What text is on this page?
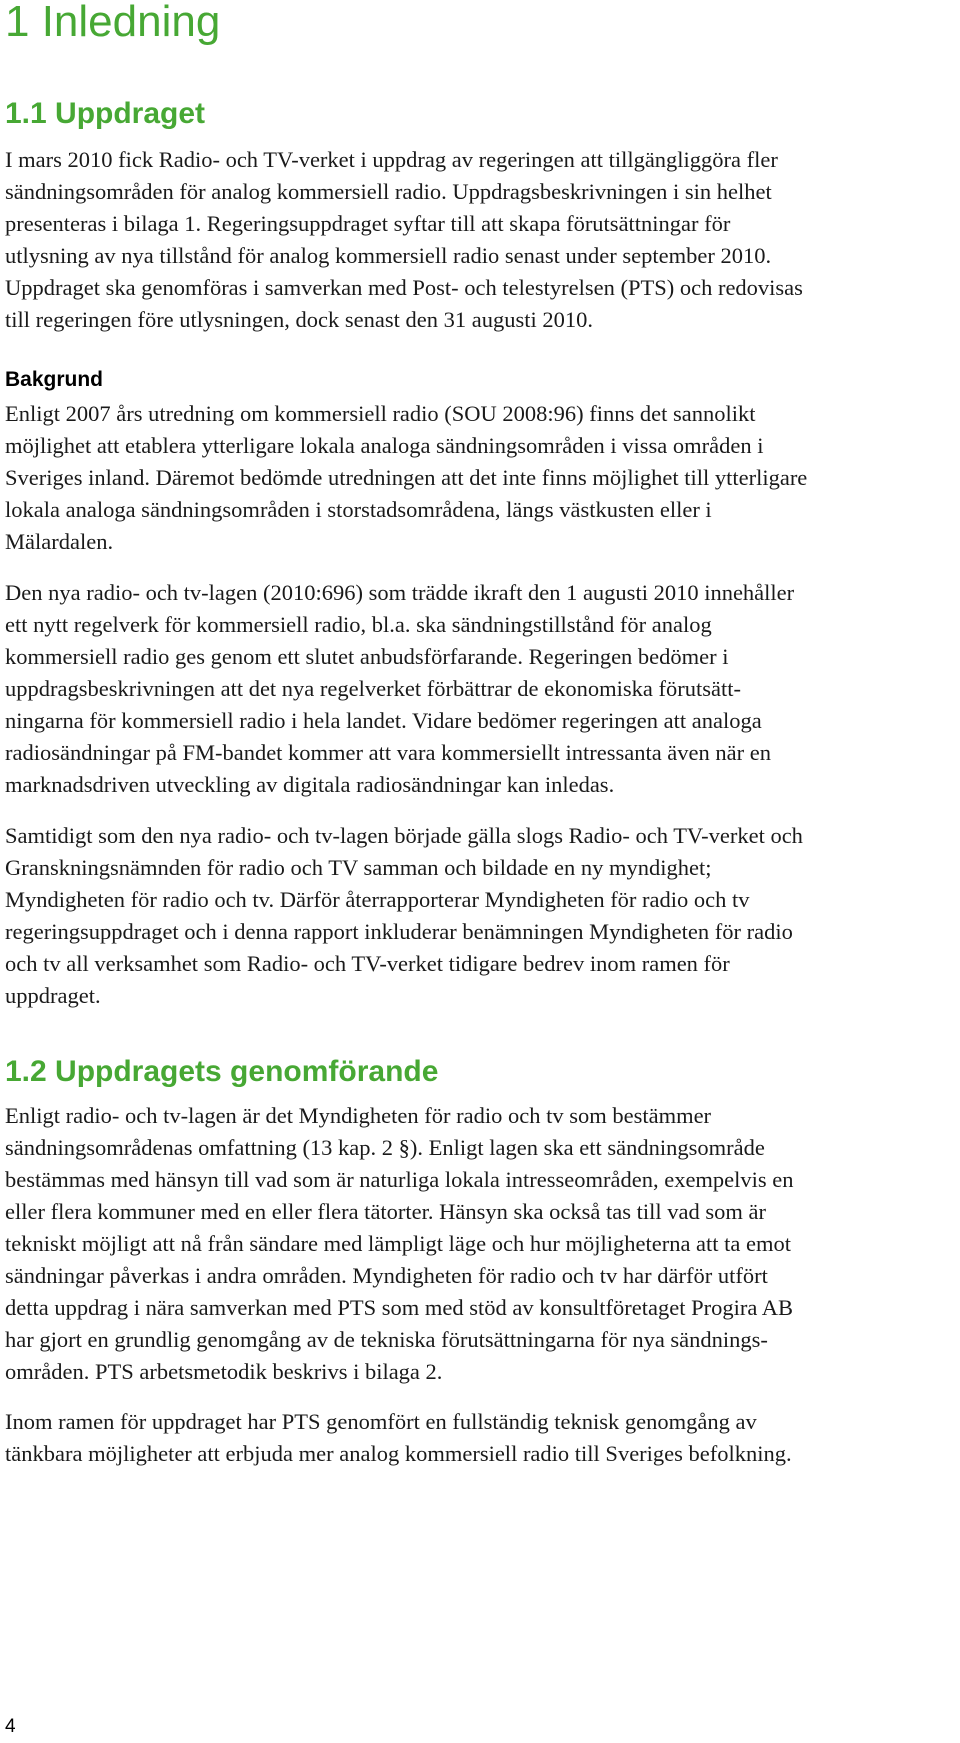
1 Inledning
1.1 Uppdraget
I mars 2010 fick Radio- och TV-verket i uppdrag av regeringen att tillgängliggöra fler
sändningsområden för analog kommersiell radio. Uppdragsbeskrivningen i sin helhet
presenteras i bilaga 1. Regeringsuppdraget syftar till att skapa förutsättningar för
utlysning av nya tillstånd för analog kommersiell radio senast under september 2010.
Uppdraget ska genomföras i samverkan med Post- och telestyrelsen (PTS) och redovisas
till regeringen före utlysningen, dock senast den 31 augusti 2010.
Bakgrund
Enligt 2007 års utredning om kommersiell radio (SOU 2008:96) finns det sannolikt
möjlighet att etablera ytterligare lokala analoga sändningsområden i vissa områden i
Sveriges inland. Däremot bedömde utredningen att det inte finns möjlighet till ytterligare
lokala analoga sändningsområden i storstadsområdena, längs västkusten eller i
Mälardalen.
Den nya radio- och tv-lagen (2010:696) som trädde ikraft den 1 augusti 2010 innehåller
ett nytt regelverk för kommersiell radio, bl.a. ska sändningstillstånd för analog
kommersiell radio ges genom ett slutet anbudsförfarande. Regeringen bedömer i
uppdragsbeskrivningen att det nya regelverket förbättrar de ekonomiska förutsätt-
ningarna för kommersiell radio i hela landet. Vidare bedömer regeringen att analoga
radiosändningar på FM-bandet kommer att vara kommersiellt intressanta även när en
marknadsdriven utveckling av digitala radiosändningar kan inledas.
Samtidigt som den nya radio- och tv-lagen började gälla slogs Radio- och TV-verket och
Granskningsnämnden för radio och TV samman och bildade en ny myndighet;
Myndigheten för radio och tv. Därför återrapporterar Myndigheten för radio och tv
regeringsuppdraget och i denna rapport inkluderar benämningen Myndigheten för radio
och tv all verksamhet som Radio- och TV-verket tidigare bedrev inom ramen för
uppdraget.
1.2 Uppdragets genomförande
Enligt radio- och tv-lagen är det Myndigheten för radio och tv som bestämmer
sändningsområdenas omfattning (13 kap. 2 §). Enligt lagen ska ett sändningsområde
bestämmas med hänsyn till vad som är naturliga lokala intresseområden, exempelvis en
eller flera kommuner med en eller flera tätorter. Hänsyn ska också tas till vad som är
tekniskt möjligt att nå från sändare med lämpligt läge och hur möjligheterna att ta emot
sändningar påverkas i andra områden. Myndigheten för radio och tv har därför utfört
detta uppdrag i nära samverkan med PTS som med stöd av konsultföretaget Progira AB
har gjort en grundlig genomgång av de tekniska förutsättningarna för nya sändnings-
områden. PTS arbetsmetodik beskrivs i bilaga 2.
Inom ramen för uppdraget har PTS genomfört en fullständig teknisk genomgång av
tänkbara möjligheter att erbjuda mer analog kommersiell radio till Sveriges befolkning.
4
